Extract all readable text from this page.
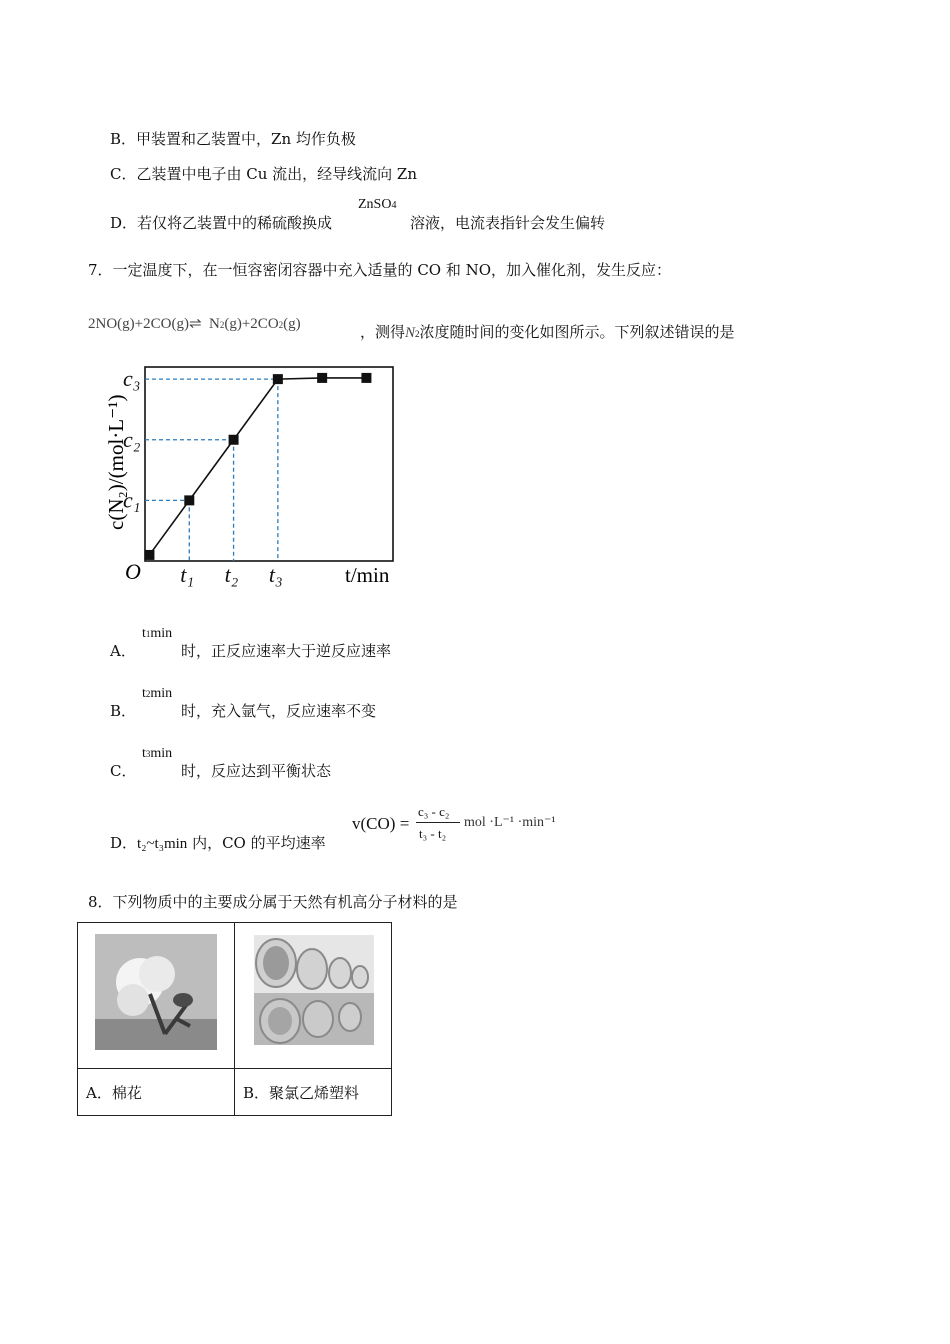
B．甲装置和乙装置中，Zn 均作负极
C．乙装置中电子由 Cu 流出，经导线流向 Zn
D．若仅将乙装置中的稀硫酸换成
ZnSO4
溶液，电流表指针会发生偏转
7．一定温度下，在一恒容密闭容器中充入适量的 CO 和 NO，加入催化剂，发生反应：
2NO(g)+2CO(g)⇌ N2(g)+2CO2(g)	，测得N2浓度随时间的变化如图所示。下列叙述错误的是
c₁
t₁
c₂
t₂
c₃
t₃
O	t/min
c(N₂)/(mol·L⁻¹)
A．
t1min
时，正反应速率大于逆反应速率
B．
t2min
时，充入氩气，反应速率不变
C．
t3min
时，反应达到平衡状态
D．t₂~t₃min 内，CO 的平均速率
v(CO) =
c₃ - c₂
t₃ - t₂
mol ·L⁻¹ ·min⁻¹
8．下列物质中的主要成分属于天然有机高分子材料的是

A．棉花	B．聚氯乙烯塑料
